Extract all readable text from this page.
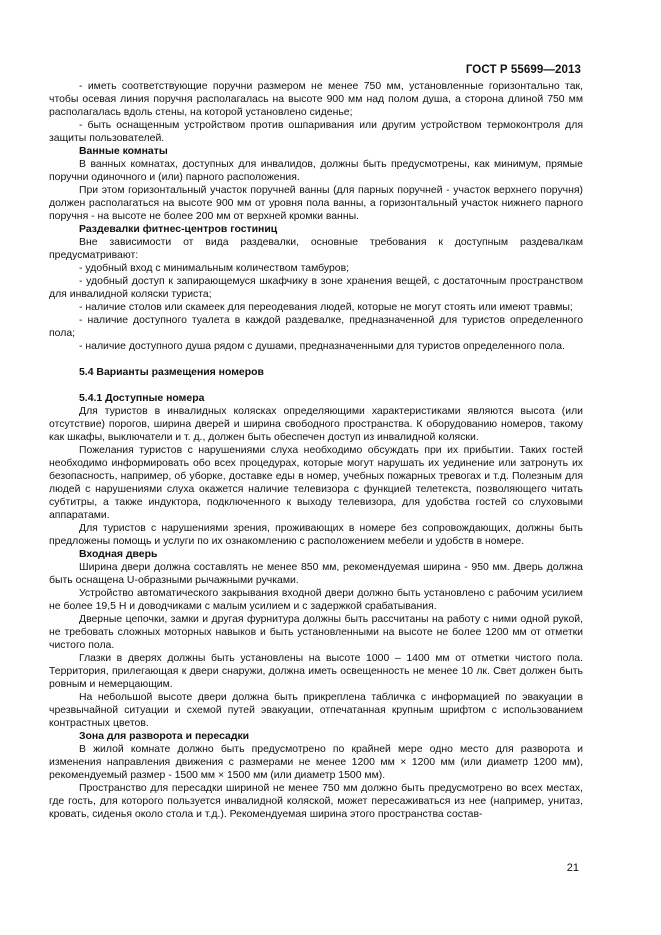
ГОСТ Р 55699—2013

- иметь соответствующие поручни размером не менее 750 мм, установленные горизонтально так, чтобы осевая линия поручня располагалась на высоте 900 мм над полом душа, а сторона длиной 750 мм располагалась вдоль стены, на которой установлено сиденье;

- быть оснащенным устройством против ошпаривания или другим устройством термоконтроля для защиты пользователей.

Ванные комнаты

В ванных комнатах, доступных для инвалидов, должны быть предусмотрены, как минимум, прямые поручни одиночного и (или) парного расположения.

При этом горизонтальный участок поручней ванны (для парных поручней - участок верхнего поручня) должен располагаться на высоте 900 мм от уровня пола ванны, а горизонтальный участок нижнего парного поручня - на высоте не более 200 мм от верхней кромки ванны.

Раздевалки фитнес-центров гостиниц

Вне зависимости от вида раздевалки, основные требования к доступным раздевалкам предусматривают:

- удобный вход с минимальным количеством тамбуров;

- удобный доступ к запирающемуся шкафчику в зоне хранения вещей, с достаточным пространством для инвалидной коляски туриста;

- наличие столов или скамеек для переодевания людей, которые не могут стоять или имеют травмы;

- наличие доступного туалета в каждой раздевалке, предназначенной для туристов определенного пола;

- наличие доступного душа рядом с душами, предназначенными для туристов определенного пола.

5.4 Варианты размещения номеров

5.4.1 Доступные номера

Для туристов в инвалидных колясках определяющими характеристиками являются высота (или отсутствие) порогов, ширина дверей и ширина свободного пространства. К оборудованию номеров, такому как шкафы, выключатели и т. д., должен быть обеспечен доступ из инвалидной коляски.

Пожелания туристов с нарушениями слуха необходимо обсуждать при их прибытии. Таких гостей необходимо информировать обо всех процедурах, которые могут нарушать их уединение или затронуть их безопасность, например, об уборке, доставке еды в номер, учебных пожарных тревогах и т.д. Полезным для людей с нарушениями слуха окажется наличие телевизора с функцией телетекста, позволяющего читать субтитры, а также индуктора, подключенного к выходу телевизора, для удобства гостей со слуховыми аппаратами.

Для туристов с нарушениями зрения, проживающих в номере без сопровождающих, должны быть предложены помощь и услуги по их ознакомлению с расположением мебели и удобств в номере.

Входная дверь

Ширина двери должна составлять не менее 850 мм, рекомендуемая ширина - 950 мм. Дверь должна быть оснащена U-образными рычажными ручками.

Устройство автоматического закрывания входной двери должно быть установлено с рабочим усилием не более 19,5 Н и доводчиками с малым усилием и с задержкой срабатывания.

Дверные цепочки, замки и другая фурнитура должны быть рассчитаны на работу с ними одной рукой, не требовать сложных моторных навыков и быть установленными на высоте не более 1200 мм от отметки чистого пола.

Глазки в дверях должны быть установлены на высоте 1000 – 1400 мм от отметки чистого пола. Территория, прилегающая к двери снаружи, должна иметь освещенность не менее 10 лк. Свет должен быть ровным и немерцающим.

На небольшой высоте двери должна быть прикреплена табличка с информацией по эвакуации в чрезвычайной ситуации и схемой путей эвакуации, отпечатанная крупным шрифтом с использованием контрастных цветов.

Зона для разворота и пересадки

В жилой комнате должно быть предусмотрено по крайней мере одно место для разворота и изменения направления движения с размерами не менее 1200 мм × 1200 мм (или диаметр 1200 мм), рекомендуемый размер - 1500 мм × 1500 мм (или диаметр 1500 мм).

Пространство для пересадки шириной не менее 750 мм должно быть предусмотрено во всех местах, где гость, для которого пользуется инвалидной коляской, может пересаживаться из нее (например, унитаз, кровать, сиденья около стола и т.д.). Рекомендуемая ширина этого пространства состав-

21
